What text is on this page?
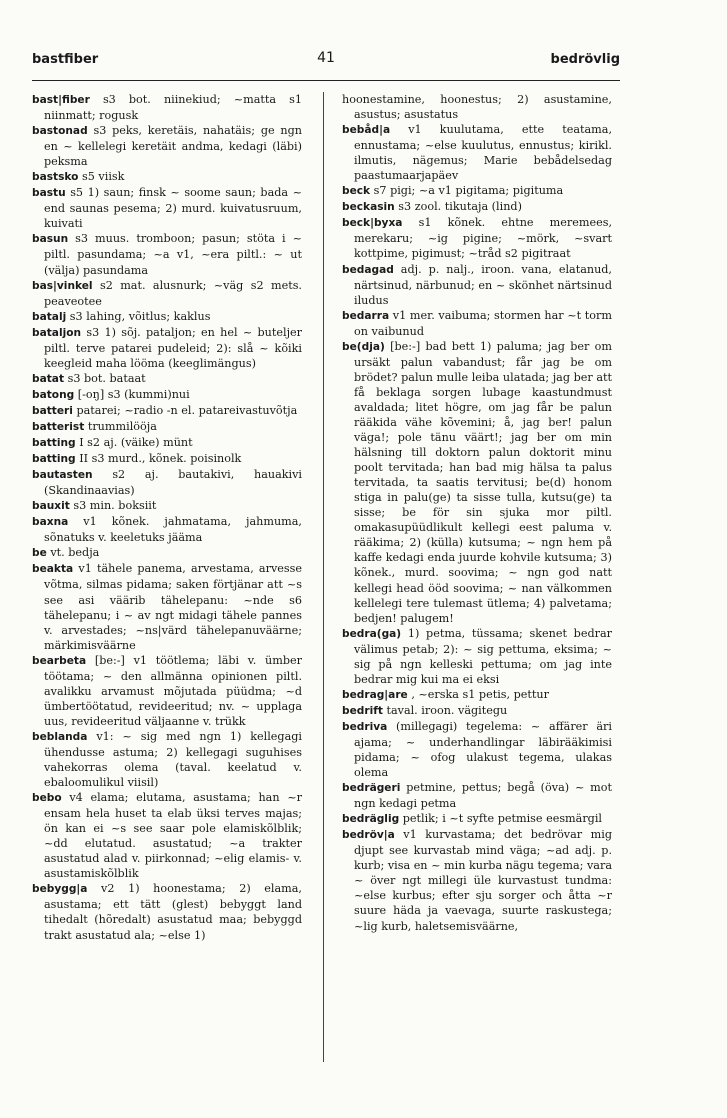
bastfiber	41	bedrövlig

bast|fiber s3 bot. niinekiud; ~matta s1 niinmatt; rogusk

bastonad s3 peks, keretäis, nahatäis; ge ngn en ~ kellelegi keretäit andma, kedagi (läbi) peksma

bastsko s5 viisk

bastu s5 1) saun; finsk ~ soome saun; bada ~ end saunas pesema; 2) murd. kuivatusruum, kuivati

basun s3 muus. tromboon; pasun; stöta i ~ piltl. pasundama; ~a v1, ~era piltl.: ~ ut (välja) pasundama

bas|vinkel s2 mat. alusnurk; ~väg s2 mets. peaveotee

batalj s3 lahing, võitlus; kaklus

bataljon s3 1) sõj. pataljon; en hel ~ buteljer piltl. terve patarei pudeleid; 2): slå ~ kõiki keegleid maha lööma (keeglimängus)

batat s3 bot. bataat

batong [-oŋ] s3 (kummi)nui

batteri patarei; ~radio -n el. patareivastuvõtja

batterist trummilööja

batting I s2 aj. (väike) münt

batting II s3 murd., kõnek. poisinolk

bautasten s2 aj. bautakivi, hauakivi (Skandinaavias)

bauxit s3 min. boksiit

baxna v1 kõnek. jahmatama, jahmuma, sõnatuks v. keeletuks jääma

be vt. bedja

beakta v1 tähele panema, arvestama, arvesse võtma, silmas pidama; saken förtjänar att ~s see asi väärib tähelepanu: ~nde s6 tähelepanu; i ~ av ngt midagi tähele pannes v. arvestades; ~ns|värd tähelepanuväärne; märkimisväärne

bearbeta [be:-] v1 töötlema; läbi v. ümber töötama; ~ den allmänna opinionen piltl. avalikku arvamust mõjutada püüdma; ~d ümbertöötatud, revideeritud; nv. ~ upplaga uus, revideeritud väljaanne v. trükk

beblanda v1: ~ sig med ngn 1) kellegagi ühendusse astuma; 2) kellegagi suguhises vahekorras olema (taval. keelatud v. ebaloomulikul viisil)

bebo v4 elama; elutama, asustama; han ~r ensam hela huset ta elab üksi terves majas; ön kan ei ~s see saar pole elamiskõlblik; ~dd elutatud. asustatud; ~a trakter asustatud alad v. piirkonnad; ~elig elamis- v. asustamiskõlblik

bebygg|a v2 1) hoonestama; 2) elama, asustama; ett tätt (glest) bebyggt land tihedalt (hõredalt) asustatud maa; bebyggd trakt asustatud ala; ~else 1)

hoonestamine, hoonestus; 2) asustamine, asustus; asustatus

bebåd|a v1 kuulutama, ette teatama, ennustama; ~else kuulutus, ennustus; kirikl. ilmutis, nägemus; Marie bebådelsedag paastumaarjapäev

beck s7 pigi; ~a v1 pigitama; pigituma

beckasin s3 zool. tikutaja (lind)

beck|byxa s1 kõnek. ehtne meremees, merekaru; ~ig pigine; ~mörk, ~svart kottpime, pigimust; ~tråd s2 pigitraat

bedagad adj. p. nalj., iroon. vana, elatanud, närtsinud, närbunud; en ~ skönhet närtsinud iludus

bedarra v1 mer. vaibuma; stormen har ~t torm on vaibunud

be(dja) [be:-] bad bett 1) paluma; jag ber om ursäkt palun vabandust; får jag be om brödet? palun mulle leiba ulatada; jag ber att få beklaga sorgen lubage kaastundmust avaldada; litet högre, om jag får be palun rääkida vähe kõvemini; å, jag ber! palun väga!; pole tänu väärt!; jag ber om min hälsning till doktorn palun doktorit minu poolt tervitada; han bad mig hälsa ta palus tervitada, ta saatis tervitusi; be(d) honom stiga in palu(ge) ta sisse tulla, kutsu(ge) ta sisse; be för sin sjuka mor piltl. omakasupüüdlikult kellegi eest paluma v. rääkima; 2) (külla) kutsuma; ~ ngn hem på kaffe kedagi enda juurde kohvile kutsuma; 3) kõnek., murd. soovima; ~ ngn god natt kellegi head ööd soovima; ~ nan välkommen kellelegi tere tulemast ütlema; 4) palvetama; bedjen! palugem!

bedra(ga) 1) petma, tüssama; skenet bedrar välimus petab; 2): ~ sig pettuma, eksima; ~ sig på ngn kelleski pettuma; om jag inte bedrar mig kui ma ei eksi

bedrag|are , ~erska s1 petis, pettur

bedrift taval. iroon. vägitegu

bedriva (millegagi) tegelema: ~ affärer äri ajama; ~ underhandlingar läbirääkimisi pidama; ~ ofog ulakust tegema, ulakas olema

bedrägeri petmine, pettus; begå (öva) ~ mot ngn kedagi petma

bedräglig petlik; i ~t syfte petmise eesmärgil

bedröv|a v1 kurvastama; det bedrövar mig djupt see kurvastab mind väga; ~ad adj. p. kurb; visa en ~ min kurba nägu tegema; vara ~ över ngt millegi üle kurvastust tundma: ~else kurbus; efter sju sorger och åtta ~r suure häda ja vaevaga, suurte raskustega; ~lig kurb, haletsemisväärne,
